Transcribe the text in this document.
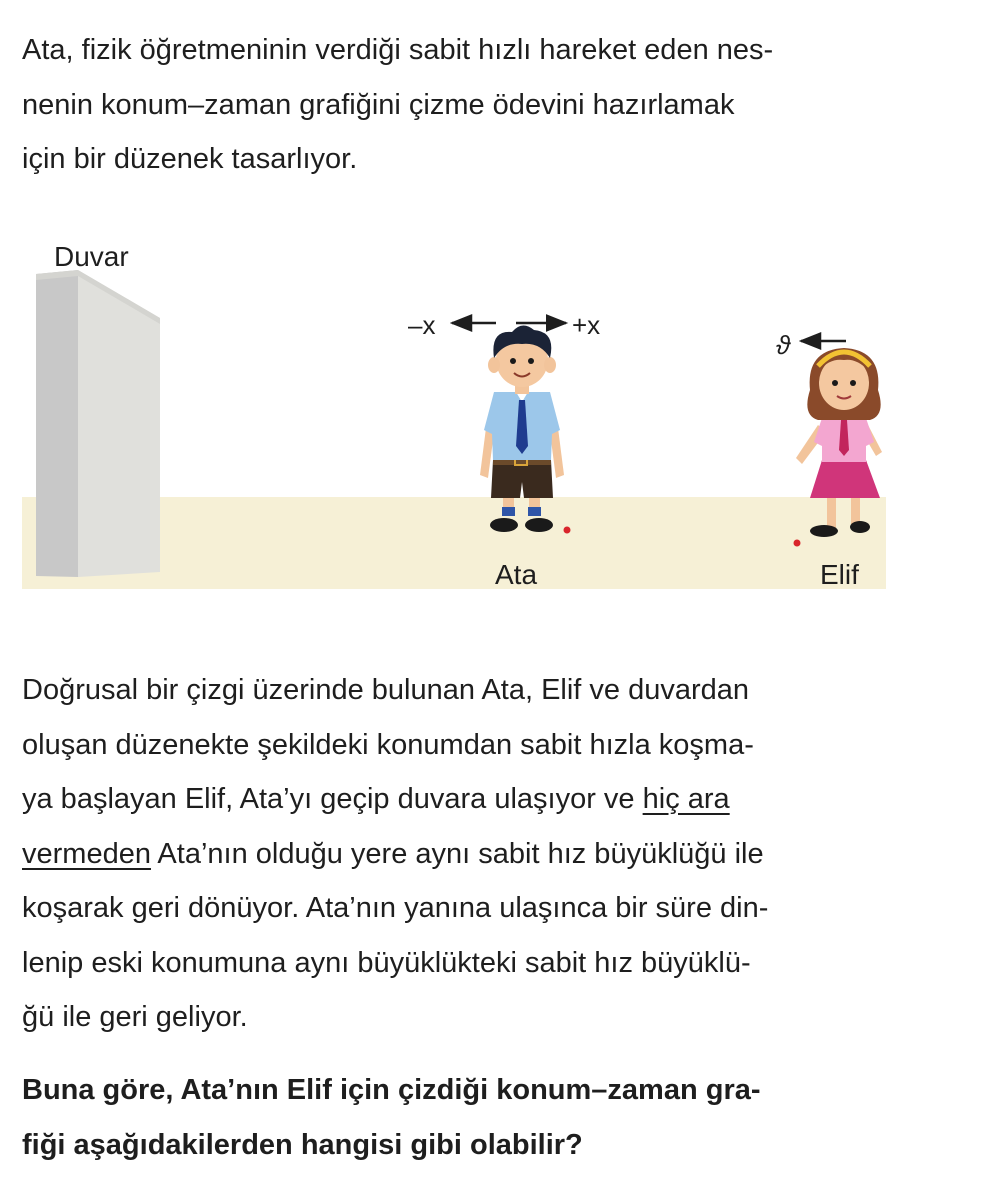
Ata, fizik öğretmeninin verdiği sabit hızlı hareket eden nes-

nenin konum–zaman grafiğini çizme ödevini hazırlamak

için bir düzenek tasarlıyor.

Duvar
–x	+x
ϑ
Ata	Elif

Doğrusal bir çizgi üzerinde bulunan Ata, Elif ve duvardan

oluşan düzenekte şekildeki konumdan sabit hızla koşma-

ya başlayan Elif, Ata’yı geçip duvara ulaşıyor ve hiç ara

vermeden Ata’nın olduğu yere aynı sabit hız büyüklüğü ile

koşarak geri dönüyor. Ata’nın yanına ulaşınca bir süre din-

lenip eski konumuna aynı büyüklükteki sabit hız büyüklü-

ğü ile geri geliyor.

Buna göre, Ata’nın Elif için çizdiği konum–zaman gra-

fiği aşağıdakilerden hangisi gibi olabilir?
